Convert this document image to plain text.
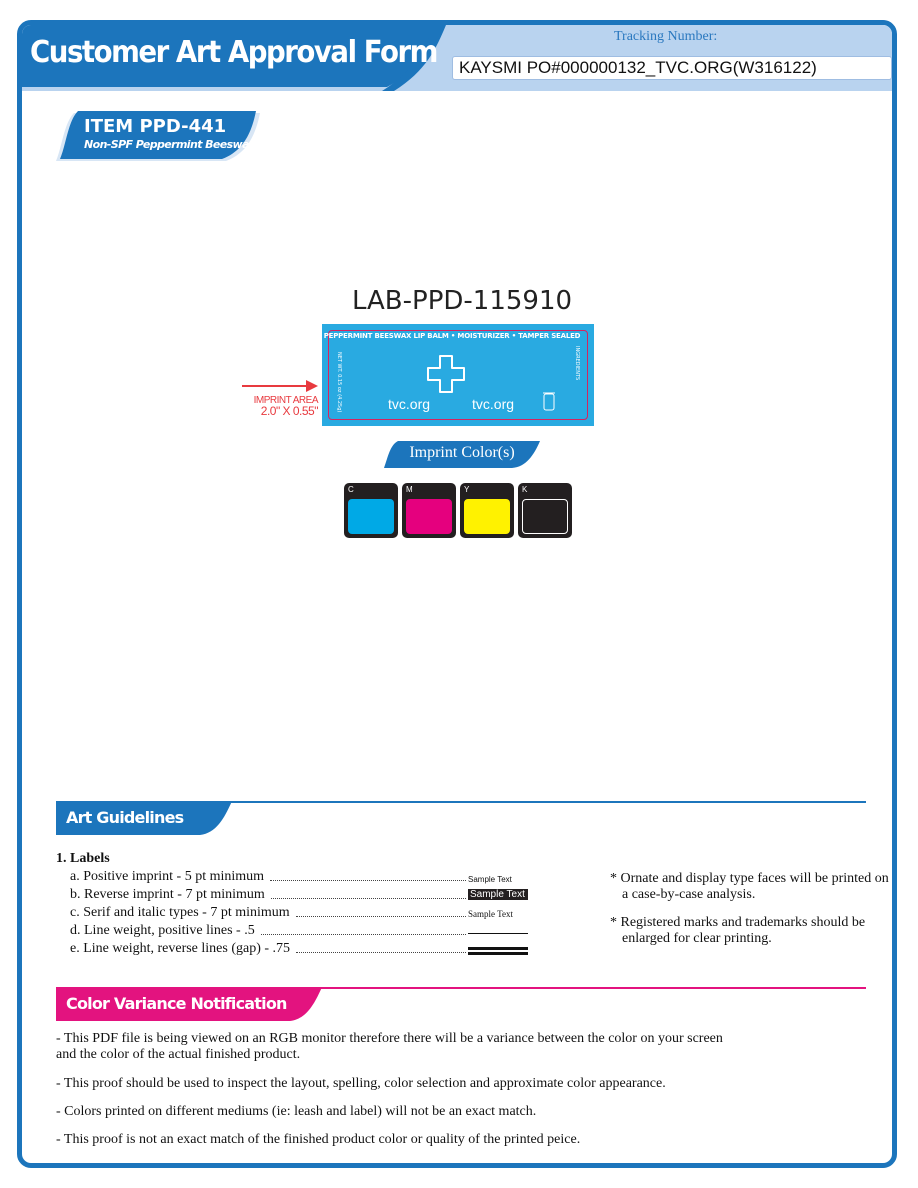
Customer Art Approval Form	Tracking Number:
KAYSMI PO#000000132_TVC.ORG(W316122)
ITEM PPD-441
Non-SPF Peppermint Beeswax
LAB-PPD-115910
IMPRINT AREA
2.0" X 0.55"
PEPPERMINT BEESWAX LIP BALM • MOISTURIZER • TAMPER SEALED
tvc.org	tvc.org
NET WT. 0.15 oz (4.25g)	INGREDIENTS
Imprint Color(s)
C	M	Y	K
Art Guidelines
1. Labels
a. Positive imprint - 5 pt minimum	Sample Text
b. Reverse imprint - 7 pt minimum	Sample Text
c. Serif and italic types - 7 pt minimum	Sample Text
d. Line weight, positive lines - .5
e. Line weight, reverse lines (gap) - .75
* Ornate and display type faces will be printed on a case-by-case analysis.
* Registered marks and trademarks should be enlarged for clear printing.
Color Variance Notification
- This PDF file is being viewed on an RGB monitor therefore there will be a variance between the color on your screen and the color of the actual finished product.
- This proof should be used to inspect the layout, spelling, color selection and approximate color appearance.
- Colors printed on different mediums (ie: leash and label) will not be an exact match.
- This proof is not an exact match of the finished product color or quality of the printed peice.
